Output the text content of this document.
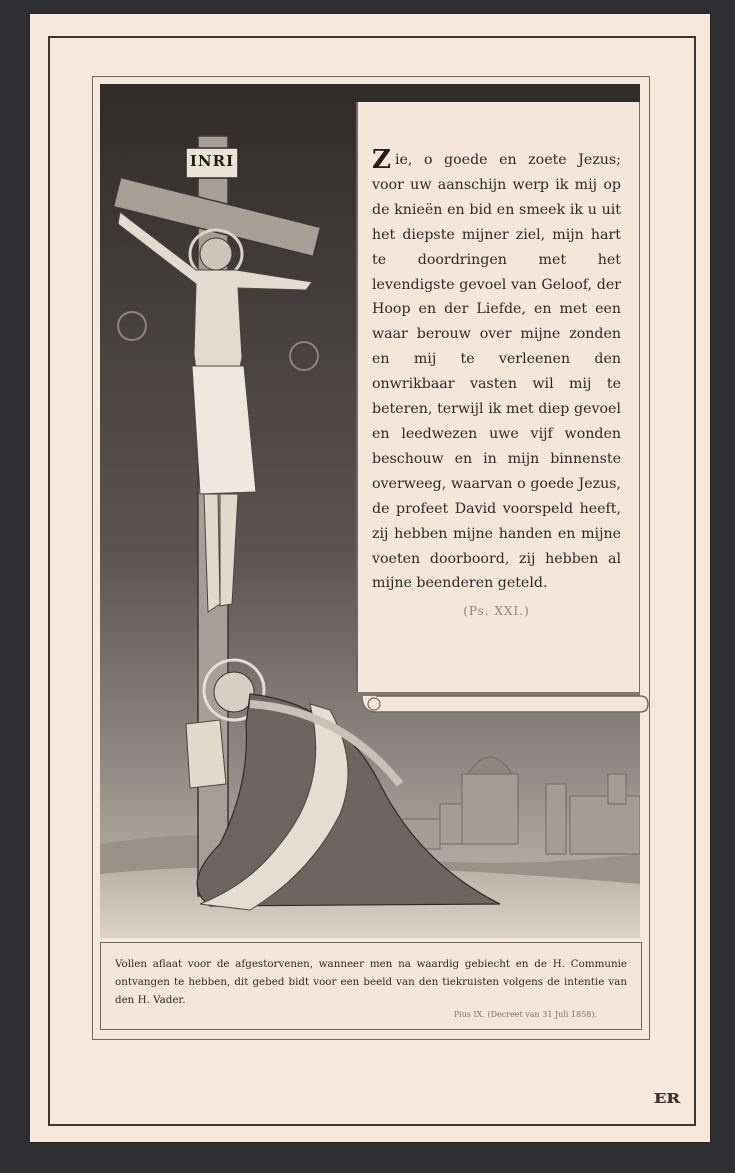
Zie, o goede en zoete Jezus; voor uw aanschijn werp ik mij op de knieën en bid en smeek ik u uit het diepste mijner ziel, mijn hart te doordringen met het levendigste gevoel van Geloof, der Hoop en der Liefde, en met een waar berouw over mijne zonden en mij te verleenen den onwrikbaar vasten wil mij te beteren, terwijl ik met diep gevoel en leedwezen uwe vijf wonden beschouw en in mijn binnenste overweeg, waarvan o goede Jezus, de profeet David voorspeld heeft, zij hebben mijne handen en mijne voeten doorboord, zij hebben al mijne beenderen geteld.

(Ps. XXI.)

Vollen aflaat voor de afgestorvenen, wanneer men na waardig gebiecht en de H. Communie ontvangen te hebben, dit gebed bidt voor een beeld van den tiekruisten volgens de intentie van den H. Vader.

Pius IX. (Decreet van 31 Juli 1858).

ᴇʀ
INRI
